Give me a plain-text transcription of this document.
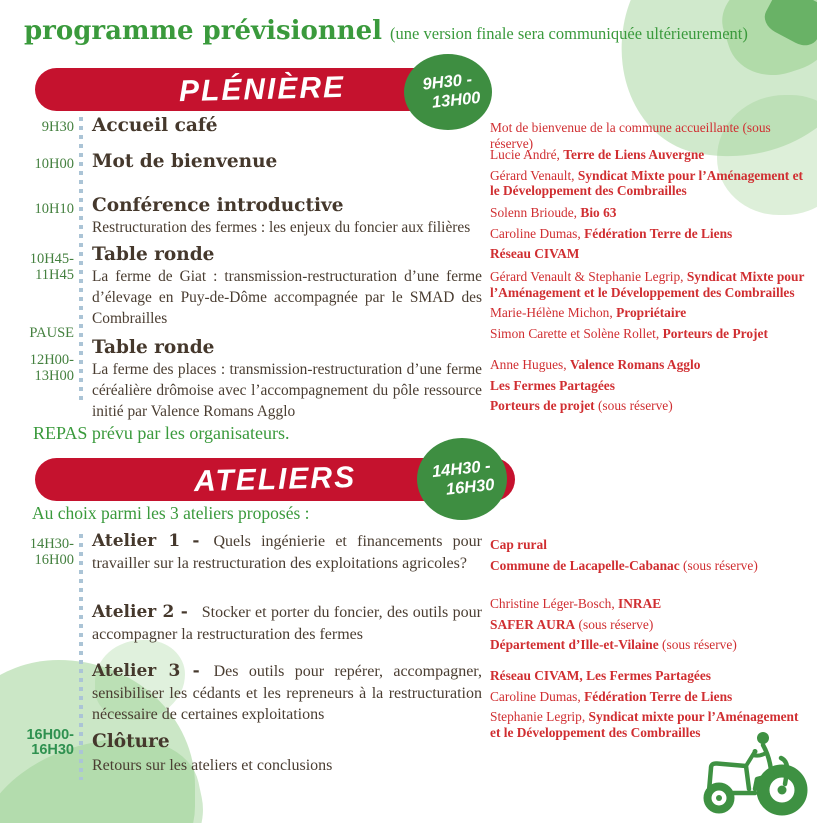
programme prévisionnel (une version finale sera communiquée ultérieurement)
PLÉNIÈRE	9H30 -
13H00
9H30
10H00
10H10
10H45-
11H45
PAUSE
12H00-
13H00
Accueil café
Mot de bienvenue
Conférence introductive
Restructuration des fermes : les enjeux du foncier aux filières
Table ronde
La ferme de Giat : transmission-restructuration d’une ferme d’élevage en Puy-de-Dôme accompagnée par le SMAD des Combrailles
Table ronde
La ferme des places : transmission-restructuration d’une ferme céréalière drômoise avec l’accompagnement du pôle ressource initié par Valence Romans Agglo

Mot de bienvenue de la commune accueillante (sous réserve)

Lucie André, Terre de Liens Auvergne

Gérard Venault, Syndicat Mixte pour l’Aménagement et le Développement des Combrailles

Solenn Brioude, Bio 63

Caroline Dumas, Fédération Terre de Liens

Réseau CIVAM

Gérard Venault & Stephanie Legrip, Syndicat Mixte pour l’Aménagement et le Développement des Combrailles

Marie-Hélène Michon, Propriétaire

Simon Carette et Solène Rollet, Porteurs de Projet

Anne Hugues, Valence Romans Agglo

Les Fermes Partagées

Porteurs de projet (sous réserve)

REPAS prévu par les organisateurs.
ATELIERS	14H30 -
16H30
Au choix parmi les 3 ateliers proposés :
14H30-
16H00
Atelier 1 - Quels ingénierie et financements pour travailler sur la restructuration des exploitations agricoles?
Atelier 2 - Stocker et porter du foncier, des outils pour accompagner la restructuration des fermes
Atelier 3 - Des outils pour repérer, accompagner, sensibiliser les cédants et les repreneurs à la restructuration nécessaire de certaines exploitations

Cap rural

Commune de Lacapelle-Cabanac (sous réserve)

Christine Léger-Bosch, INRAE

SAFER AURA (sous réserve)

Département d’Ille-et-Vilaine (sous réserve)

Réseau CIVAM, Les Fermes Partagées

Caroline Dumas, Fédération Terre de Liens

Stephanie Legrip, Syndicat mixte pour l’Aménagement et le Développement des Combrailles

16H00-
16H30 Clôture
Retours sur les ateliers et conclusions
